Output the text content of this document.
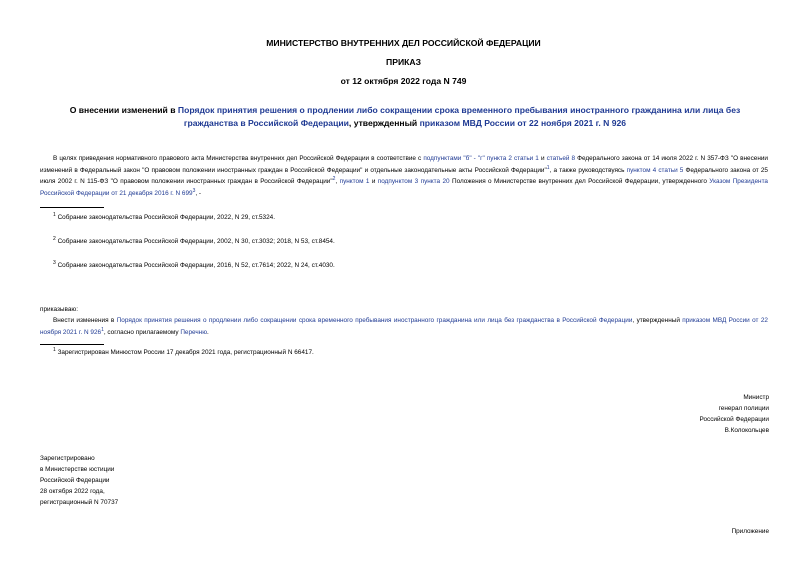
МИНИСТЕРСТВО ВНУТРЕННИХ ДЕЛ РОССИЙСКОЙ ФЕДЕРАЦИИ
ПРИКАЗ
от 12 октября 2022 года N 749
О внесении изменений в Порядок принятия решения о продлении либо сокращении срока временного пребывания иностранного гражданина или лица без гражданства в Российской Федерации, утвержденный приказом МВД России от 22 ноября 2021 г. N 926
В целях приведения нормативного правового акта Министерства внутренних дел Российской Федерации в соответствие с подпунктами "б" - "г" пункта 2 статьи 1 и статьей 8 Федерального закона от 14 июля 2022 г. N 357-ФЗ "О внесении изменений в Федеральный закон "О правовом положении иностранных граждан в Российской Федерации" и отдельные законодательные акты Российской Федерации"$^1$, а также руководствуясь пунктом 4 статьи 5 Федерального закона от 25 июля 2002 г. N 115-ФЗ "О правовом положении иностранных граждан в Российской Федерации"$^2$, пунктом 1 и подпунктом 3 пункта 20 Положения о Министерстве внутренних дел Российской Федерации, утвержденного Указом Президента Российской Федерации от 21 декабря 2016 г. N $699^3$, -
$^1$ Собрание законодательства Российской Федерации, 2022, N 29, ст.5324.
$^2$ Собрание законодательства Российской Федерации, 2002, N 30, ст.3032; 2018, N 53, ст.8454.
$^3$ Собрание законодательства Российской Федерации, 2016, N 52, ст.7614; 2022, N 24, ст.4030.
приказываю:
Внести изменения в Порядок принятия решения о продлении либо сокращении срока временного пребывания иностранного гражданина или лица без гражданства в Российской Федерации, утвержденный приказом МВД России от 22 ноября 2021 г. N $926^1$, согласно прилагаемому Перечню.
$^1$ Зарегистрирован Минюстом России 17 декабря 2021 года, регистрационный N 66417.
Министр
генерал полиции
Российской Федерации
В.Колокольцев
Зарегистрировано
в Министерстве юстиции
Российской Федерации
28 октября 2022 года,
регистрационный N 70737
Приложение
